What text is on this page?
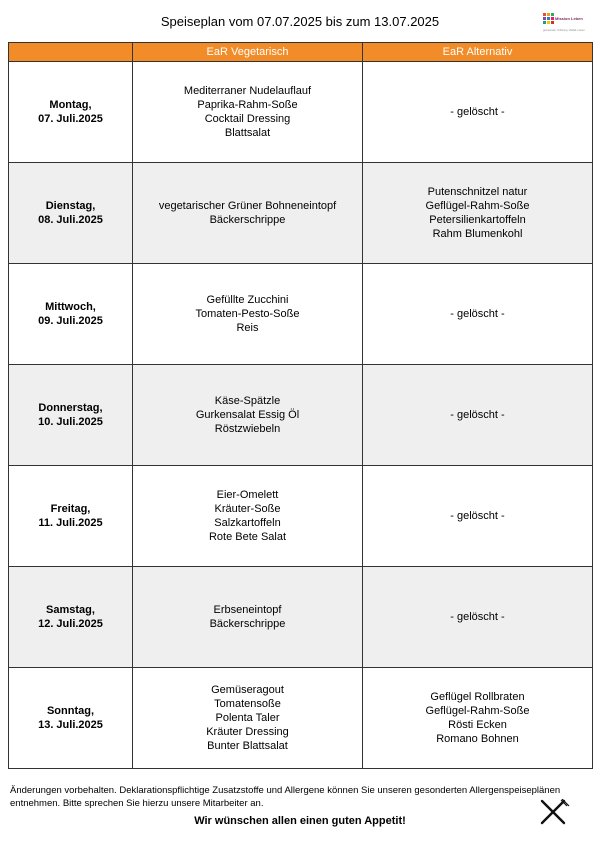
Speiseplan vom 07.07.2025 bis zum 13.07.2025	Mission Leben
gemeinsam. Hoffnung. Vielfalt. Leben.
	EaR Vegetarisch	EaR Alternativ

Montag,
07. Juli.2025	Mediterraner Nudelauflauf
Paprika-Rahm-Soße
Cocktail Dressing
Blattsalat	- gelöscht -

Dienstag,
08. Juli.2025	vegetarischer Grüner Bohneneintopf
Bäckerschrippe	Putenschnitzel natur
Geflügel-Rahm-Soße
Petersilienkartoffeln
Rahm Blumenkohl

Mittwoch,
09. Juli.2025	Gefüllte Zucchini
Tomaten-Pesto-Soße
Reis	- gelöscht -

Donnerstag,
10. Juli.2025	Käse-Spätzle
Gurkensalat Essig Öl
Röstzwiebeln	- gelöscht -

Freitag,
11. Juli.2025	Eier-Omelett
Kräuter-Soße
Salzkartoffeln
Rote Bete Salat	- gelöscht -

Samstag,
12. Juli.2025	Erbseneintopf
Bäckerschrippe	- gelöscht -

Sonntag,
13. Juli.2025	Gemüseragout
Tomatensoße
Polenta Taler
Kräuter Dressing
Bunter Blattsalat	Geflügel Rollbraten
Geflügel-Rahm-Soße
Rösti Ecken
Romano Bohnen
Änderungen vorbehalten. Deklarationspflichtige Zusatzstoffe und Allergene können Sie unseren gesonderten Allergenspeiseplänen entnehmen. Bitte sprechen Sie hierzu unsere Mitarbeiter an.
Wir wünschen allen einen guten Appetit!
